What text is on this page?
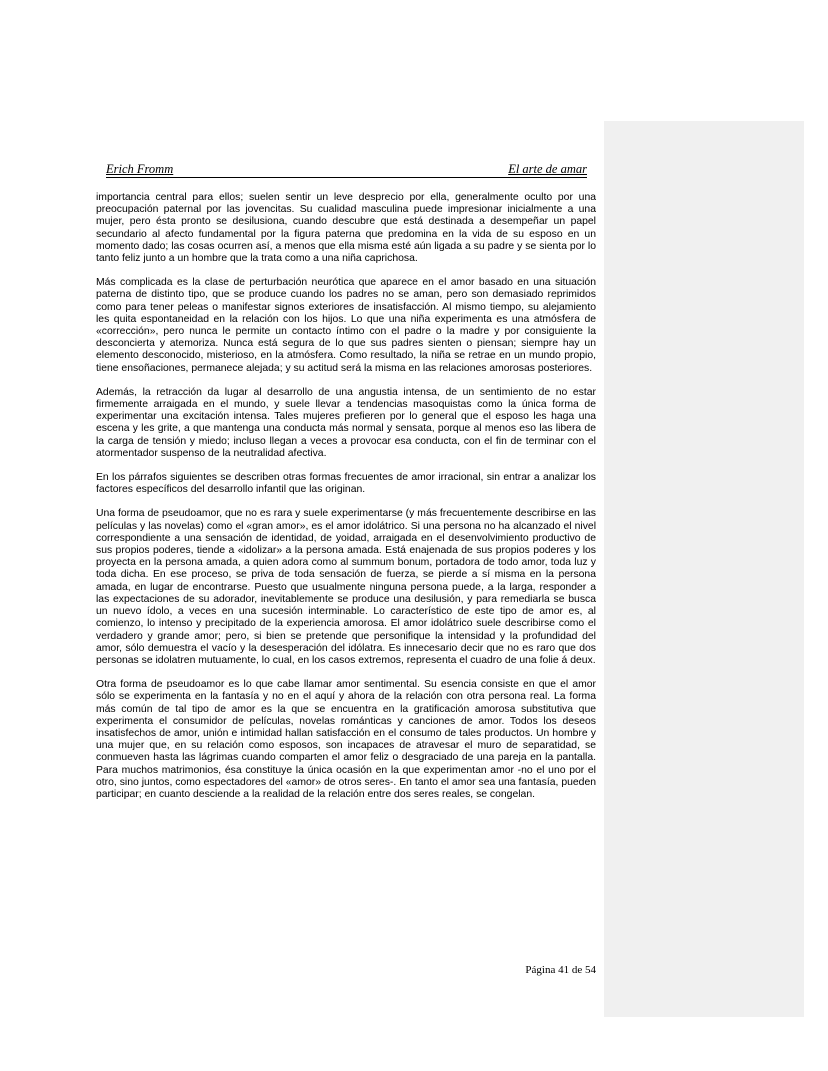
Erich Fromm	El arte de amar

importancia central para ellos; suelen sentir un leve desprecio por ella, generalmente oculto por una preocupación paternal por las jovencitas. Su cualidad masculina puede impresionar inicialmente a una mujer, pero ésta pronto se desilusiona, cuando descubre que está destinada a desempeñar un papel secundario al afecto fundamental por la figura paterna que predomina en la vida de su esposo en un momento dado; las cosas ocurren así, a menos que ella misma esté aún ligada a su padre y se sienta por lo tanto feliz junto a un hombre que la trata como a una niña caprichosa.

Más complicada es la clase de perturbación neurótica que aparece en el amor basado en una situación paterna de distinto tipo, que se produce cuando los padres no se aman, pero son demasiado reprimidos como para tener peleas o manifestar signos exteriores de insatisfacción. Al mismo tiempo, su alejamiento les quita espontaneidad en la relación con los hijos. Lo que una niña experimenta es una atmósfera de «corrección», pero nunca le permite un contacto íntimo con el padre o la madre y por consiguiente la desconcierta y atemoriza. Nunca está segura de lo que sus padres sienten o piensan; siempre hay un elemento desconocido, misterioso, en la atmósfera. Como resultado, la niña se retrae en un mundo propio, tiene ensoñaciones, permanece alejada; y su actitud será la misma en las relaciones amorosas posteriores.

Además, la retracción da lugar al desarrollo de una angustia intensa, de un sentimiento de no estar firmemente arraigada en el mundo, y suele llevar a tendencias masoquistas como la única forma de experimentar una excitación intensa. Tales mujeres prefieren por lo general que el esposo les haga una escena y les grite, a que mantenga una conducta más normal y sensata, porque al menos eso las libera de la carga de tensión y miedo; incluso llegan a veces a provocar esa conducta, con el fin de terminar con el atormentador suspenso de la neutralidad afectiva.

En los párrafos siguientes se describen otras formas frecuentes de amor irracional, sin entrar a analizar los factores específicos del desarrollo infantil que las originan.

Una forma de pseudoamor, que no es rara y suele experimentarse (y más frecuentemente describirse en las películas y las novelas) como el «gran amor», es el amor idolátrico. Si una persona no ha alcanzado el nivel correspondiente a una sensación de identidad, de yoidad, arraigada en el desenvolvimiento productivo de sus propios poderes, tiende a «idolizar» a la persona amada. Está enajenada de sus propios poderes y los proyecta en la persona amada, a quien adora como al summum bonum, portadora de todo amor, toda luz y toda dicha. En ese proceso, se priva de toda sensación de fuerza, se pierde a sí misma en la persona amada, en lugar de encontrarse. Puesto que usualmente ninguna persona puede, a la larga, responder a las expectaciones de su adorador, inevitablemente se produce una desilusión, y para remediarla se busca un nuevo ídolo, a veces en una sucesión interminable. Lo característico de este tipo de amor es, al comienzo, lo intenso y precipitado de la experiencia amorosa. El amor idolátrico suele describirse como el verdadero y grande amor; pero, si bien se pretende que personifique la intensidad y la profundidad del amor, sólo demuestra el vacío y la desesperación del idólatra. Es innecesario decir que no es raro que dos personas se idolatren mutuamente, lo cual, en los casos extremos, representa el cuadro de una folie á deux.

Otra forma de pseudoamor es lo que cabe llamar amor sentimental. Su esencia consiste en que el amor sólo se experimenta en la fantasía y no en el aquí y ahora de la relación con otra persona real. La forma más común de tal tipo de amor es la que se encuentra en la gratificación amorosa substitutiva que experimenta el consumidor de películas, novelas románticas y canciones de amor. Todos los deseos insatisfechos de amor, unión e intimidad hallan satisfacción en el consumo de tales productos. Un hombre y una mujer que, en su relación como esposos, son incapaces de atravesar el muro de separatidad, se conmueven hasta las lágrimas cuando comparten el amor feliz o desgraciado de una pareja en la pantalla. Para muchos matrimonios, ésa constituye la única ocasión en la que experimentan amor -no el uno por el otro, sino juntos, como espectadores del «amor» de otros seres-. En tanto el amor sea una fantasía, pueden participar; en cuanto desciende a la realidad de la relación entre dos seres reales, se congelan.

Página 41 de 54
